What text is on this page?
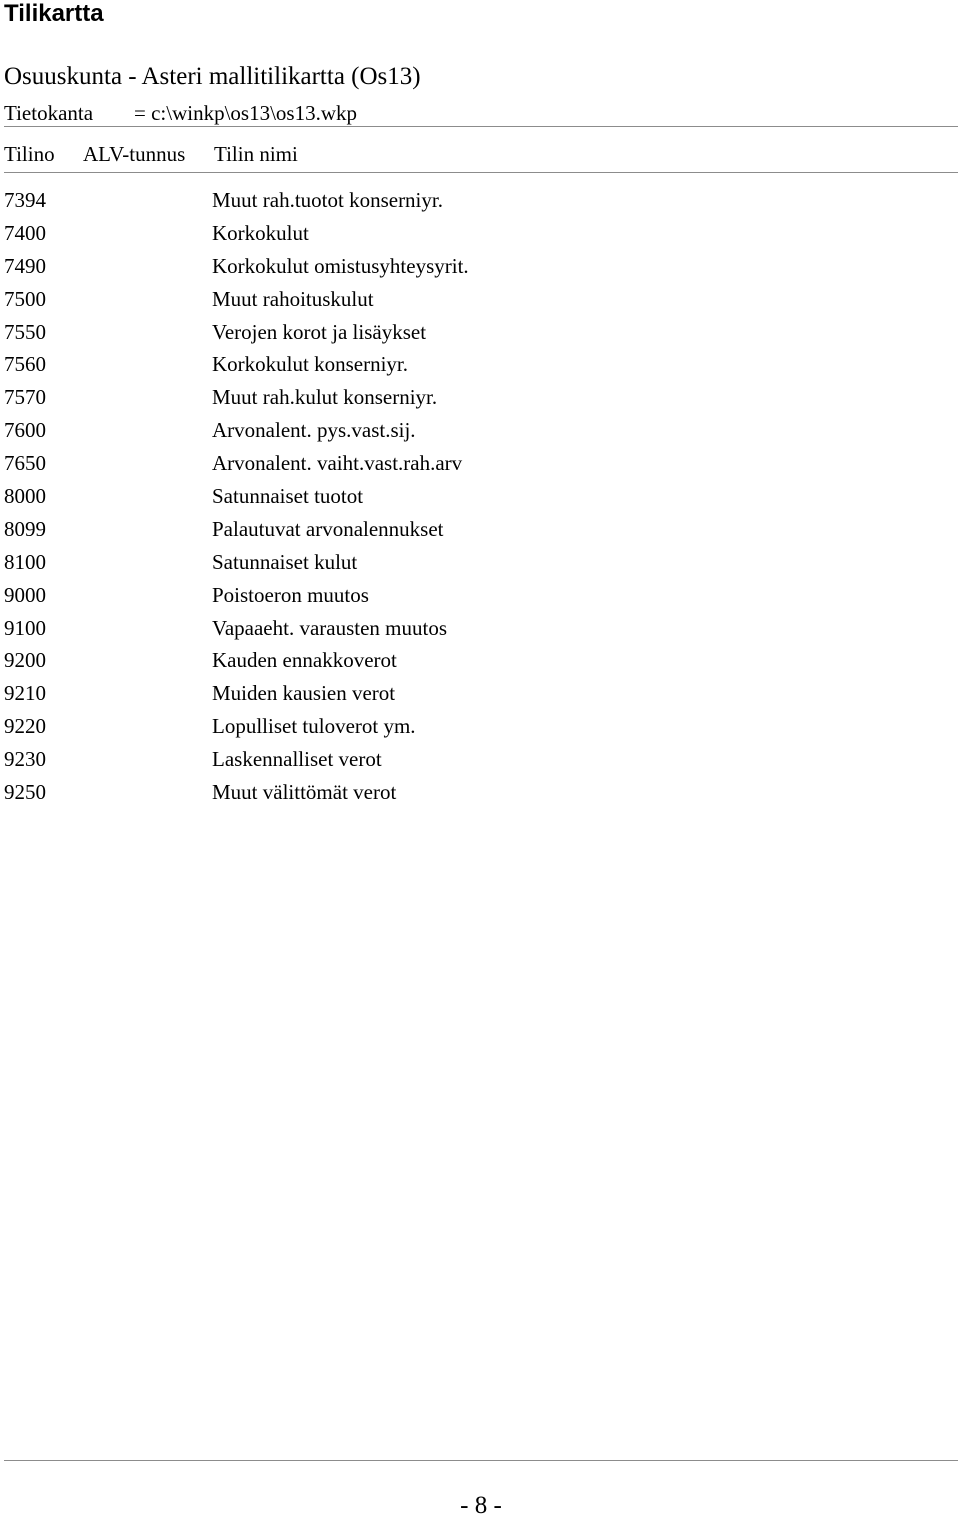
Tilikartta
Osuuskunta - Asteri mallitilikartta (Os13)
Tietokanta = c:\winkp\os13\os13.wkp
Tilino ALV-tunnus Tilin nimi
7394	Muut rah.tuotot konserniyr.
7400	Korkokulut
7490	Korkokulut omistusyhteysyrit.
7500	Muut rahoituskulut
7550	Verojen korot ja lisäykset
7560	Korkokulut konserniyr.
7570	Muut rah.kulut konserniyr.
7600	Arvonalent. pys.vast.sij.
7650	Arvonalent. vaiht.vast.rah.arv
8000	Satunnaiset tuotot
8099	Palautuvat arvonalennukset
8100	Satunnaiset kulut
9000	Poistoeron muutos
9100	Vapaaeht. varausten muutos
9200	Kauden ennakkoverot
9210	Muiden kausien verot
9220	Lopulliset tuloverot ym.
9230	Laskennalliset verot
9250	Muut välittömät verot
- 8 -
